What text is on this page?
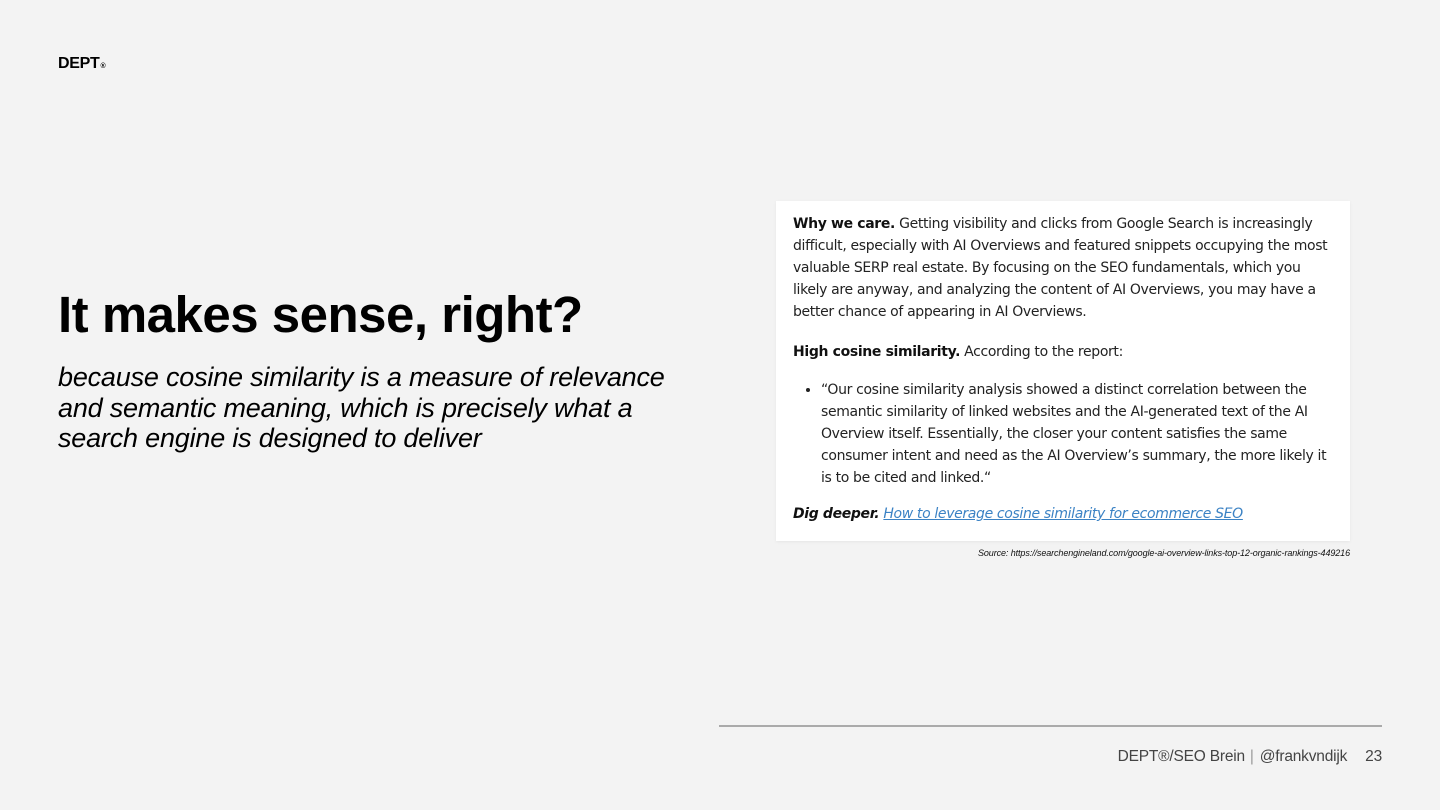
DEPT®
It makes sense, right?

because cosine similarity is a measure of relevance and semantic meaning, which is precisely what a search engine is designed to deliver

Why we care. Getting visibility and clicks from Google Search is increasingly difficult, especially with AI Overviews and featured snippets occupying the most valuable SERP real estate. By focusing on the SEO fundamentals, which you likely are anyway, and analyzing the content of AI Overviews, you may have a better chance of appearing in AI Overviews.

High cosine similarity. According to the report:

• “Our cosine similarity analysis showed a distinct correlation between the semantic similarity of linked websites and the AI-generated text of the AI Overview itself. Essentially, the closer your content satisfies the same consumer intent and need as the AI Overview’s summary, the more likely it is to be cited and linked.“

Dig deeper. How to leverage cosine similarity for ecommerce SEO

Source: https://searchengineland.com/google-ai-overview-links-top-12-organic-rankings-449216
DEPT®/SEO Brein | @frankvndijk 23
